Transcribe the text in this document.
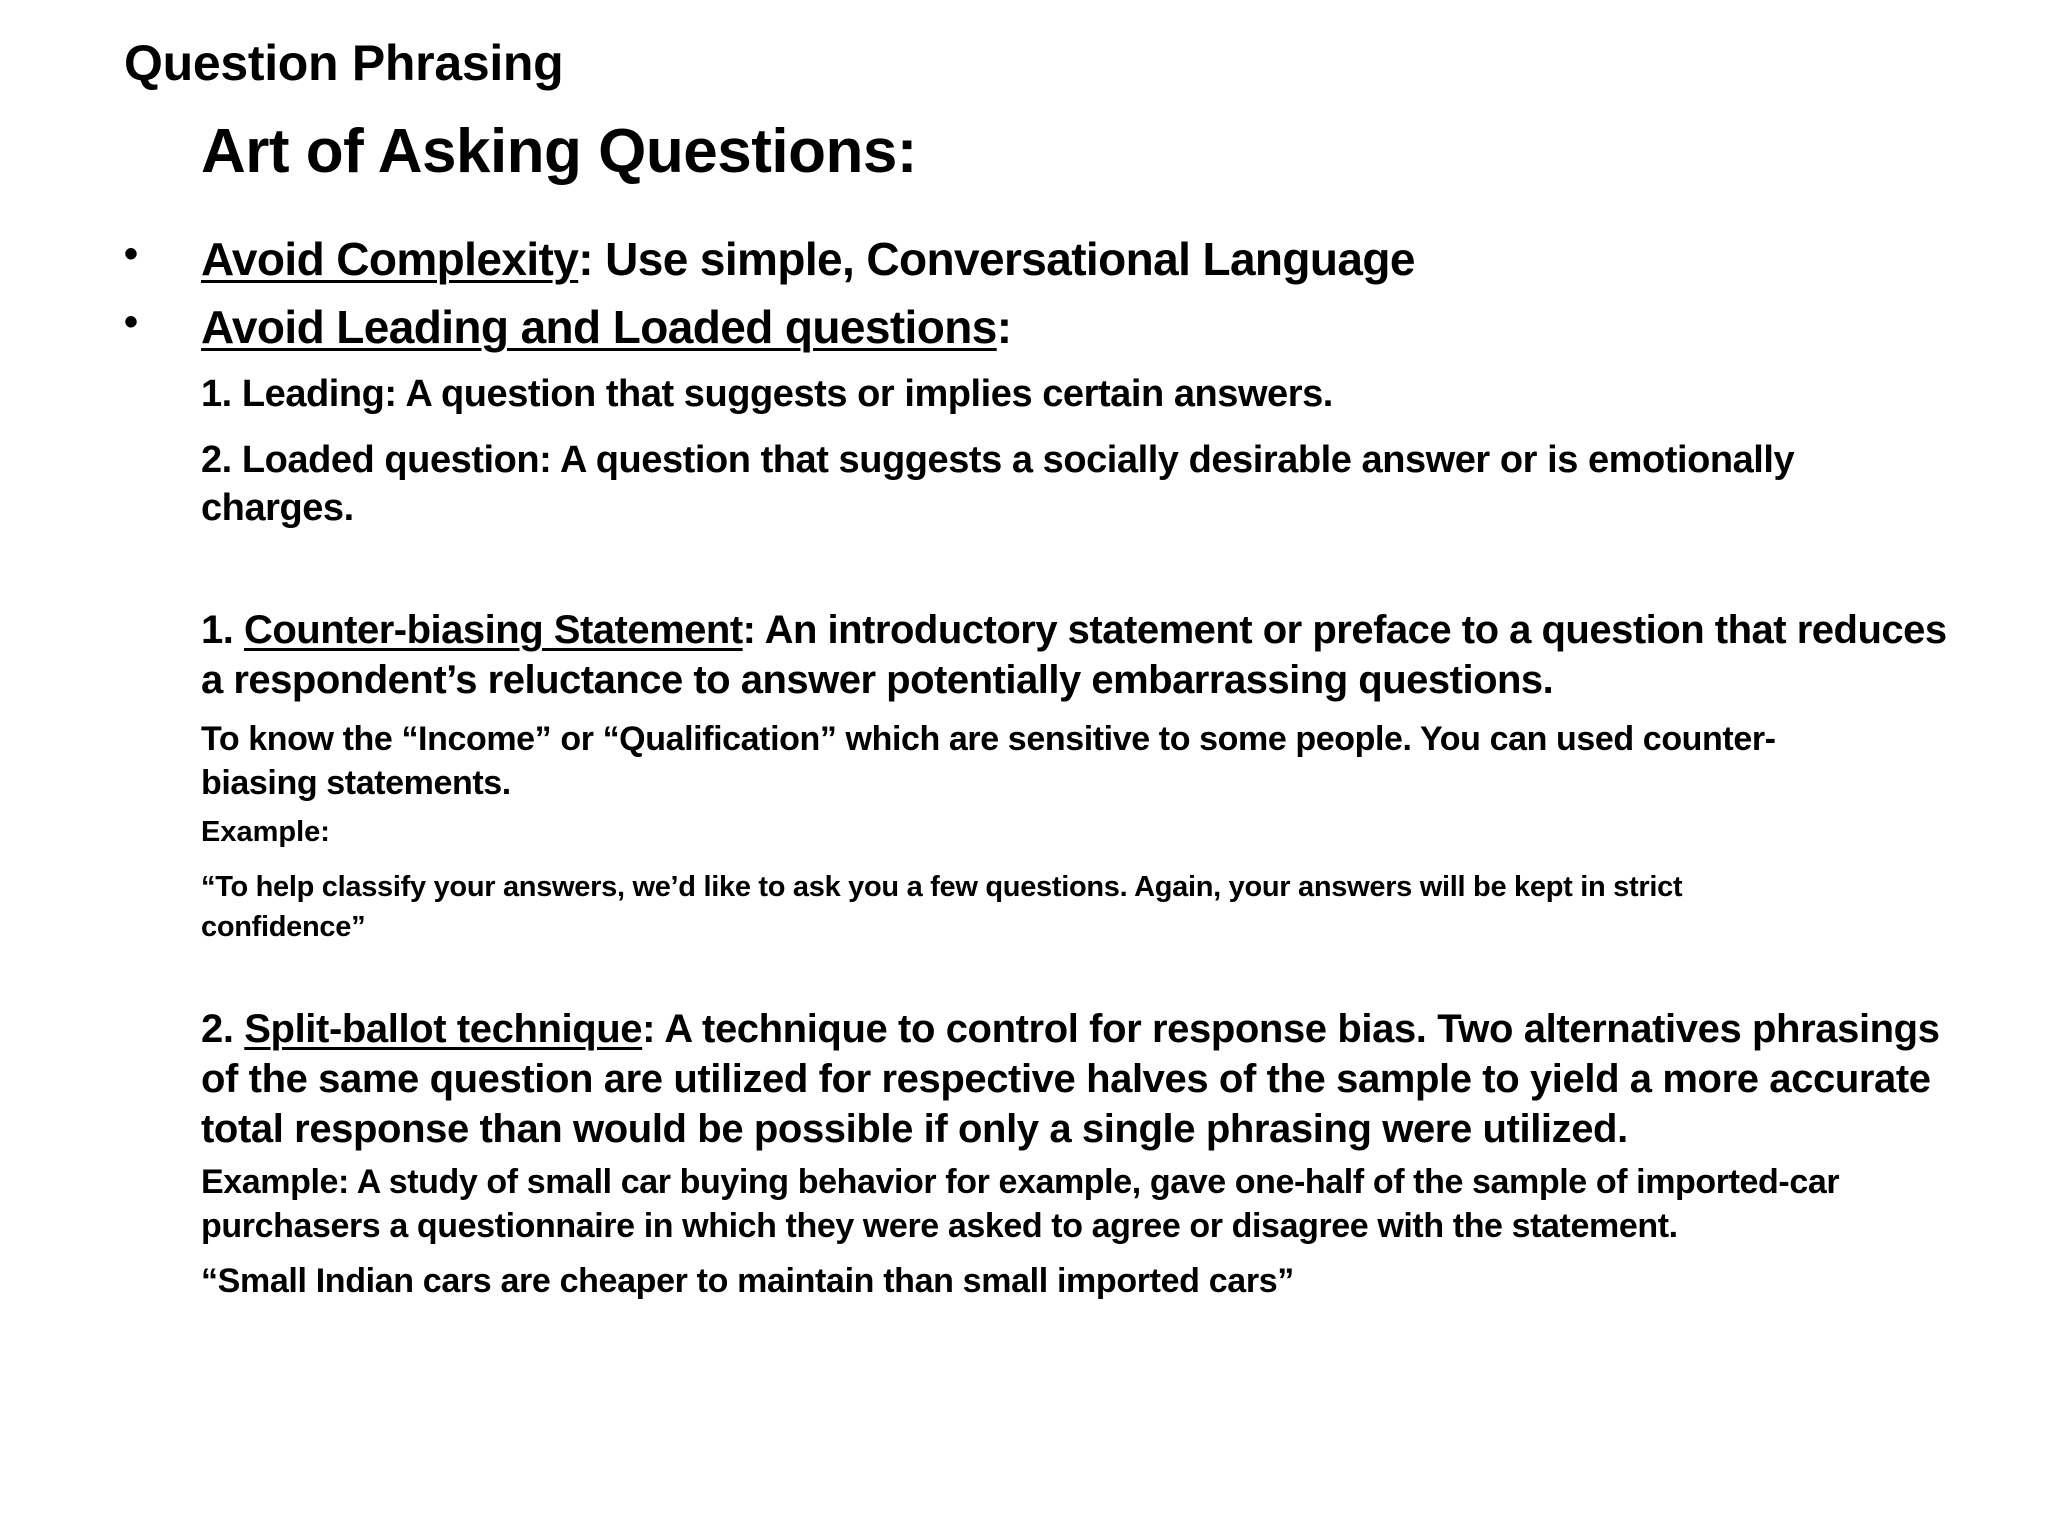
Question Phrasing
Art of Asking Questions:
• Avoid Complexity: Use simple, Conversational Language
• Avoid Leading and Loaded questions:
1. Leading: A question that suggests or implies certain answers.
2. Loaded question: A question that suggests a socially desirable answer or is emotionally charges.
1. Counter-biasing Statement: An introductory statement or preface to a question that reduces a respondent’s reluctance to answer potentially embarrassing questions.
To know the “Income” or “Qualification” which are sensitive to some people. You can used counter-biasing statements.
Example:
“To help classify your answers, we’d like to ask you a few questions. Again, your answers will be kept in strict confidence”
2. Split-ballot technique: A technique to control for response bias. Two alternatives phrasings of the same question are utilized for respective halves of the sample to yield a more accurate total response than would be possible if only a single phrasing were utilized.
Example: A study of small car buying behavior for example, gave one-half of the sample of imported-car purchasers a questionnaire in which they were asked to agree or disagree with the statement.
“Small Indian cars are cheaper to maintain than small imported cars”
